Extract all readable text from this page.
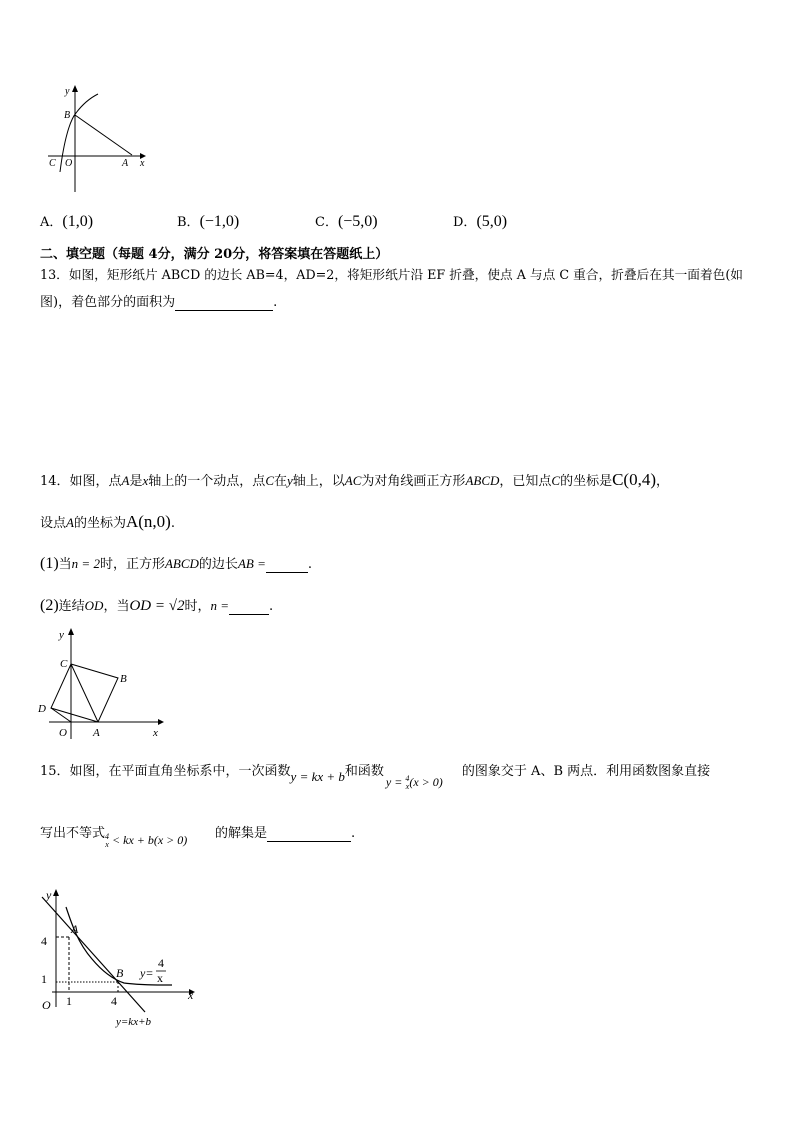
y
B
C O	A x
A．(1,0)	B．(−1,0)	C．(−5,0)	D．(5,0)
二、填空题（每题 4分，满分 20分，将答案填在答题纸上）
13．如图，矩形纸片 ABCD 的边长 AB=4，AD=2，将矩形纸片沿 EF 折叠，使点 A 与点 C 重合，折叠后在其一面着色(如
图)，着色部分的面积为	.
14．如图，点A是x轴上的一个动点，点C在y轴上，以AC为对角线画正方形ABCD，已知点C的坐标是C(0,4)，
设点A的坐标为A(n,0).
(1)当n = 2时，正方形ABCD的边长AB =	.
(2)连结OD，当OD = √2时，n =	.
y
C
B
D
O A	x
15．如图，在平面直角坐标系中，一次函数y = kx + b和函数
y = 4
x (x > 0)
的图象交于 A、B 两点．利用函数图象直接
写出不等式 4
x < kx + b(x > 0) 的解集是	.
y
A
4
1	B y=
4
x
O 1	4	x
y=kx+b
